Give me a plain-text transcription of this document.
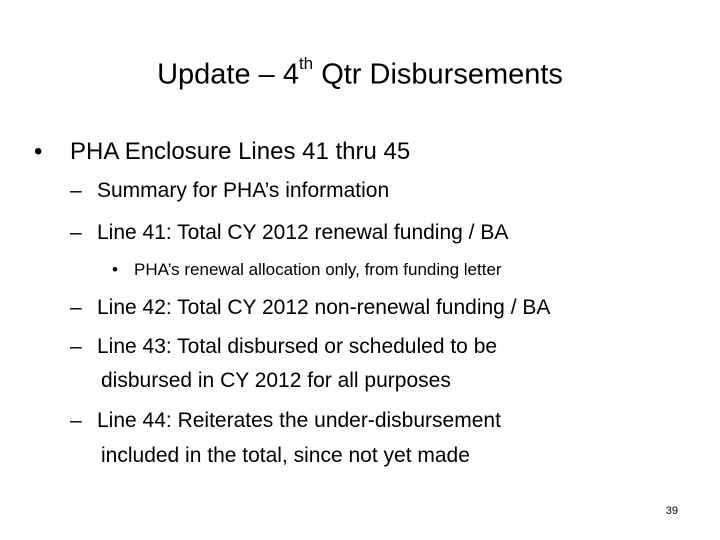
Update – 4th Qtr Disbursements
• PHA Enclosure Lines 41 thru 45
– Summary for PHA’s information
– Line 41: Total CY 2012 renewal funding / BA
• PHA’s renewal allocation only, from funding letter
– Line 42: Total CY 2012 non-renewal funding / BA
– Line 43: Total disbursed or scheduled to be
disbursed in CY 2012 for all purposes
– Line 44: Reiterates the under-disbursement
included in the total, since not yet made
39
